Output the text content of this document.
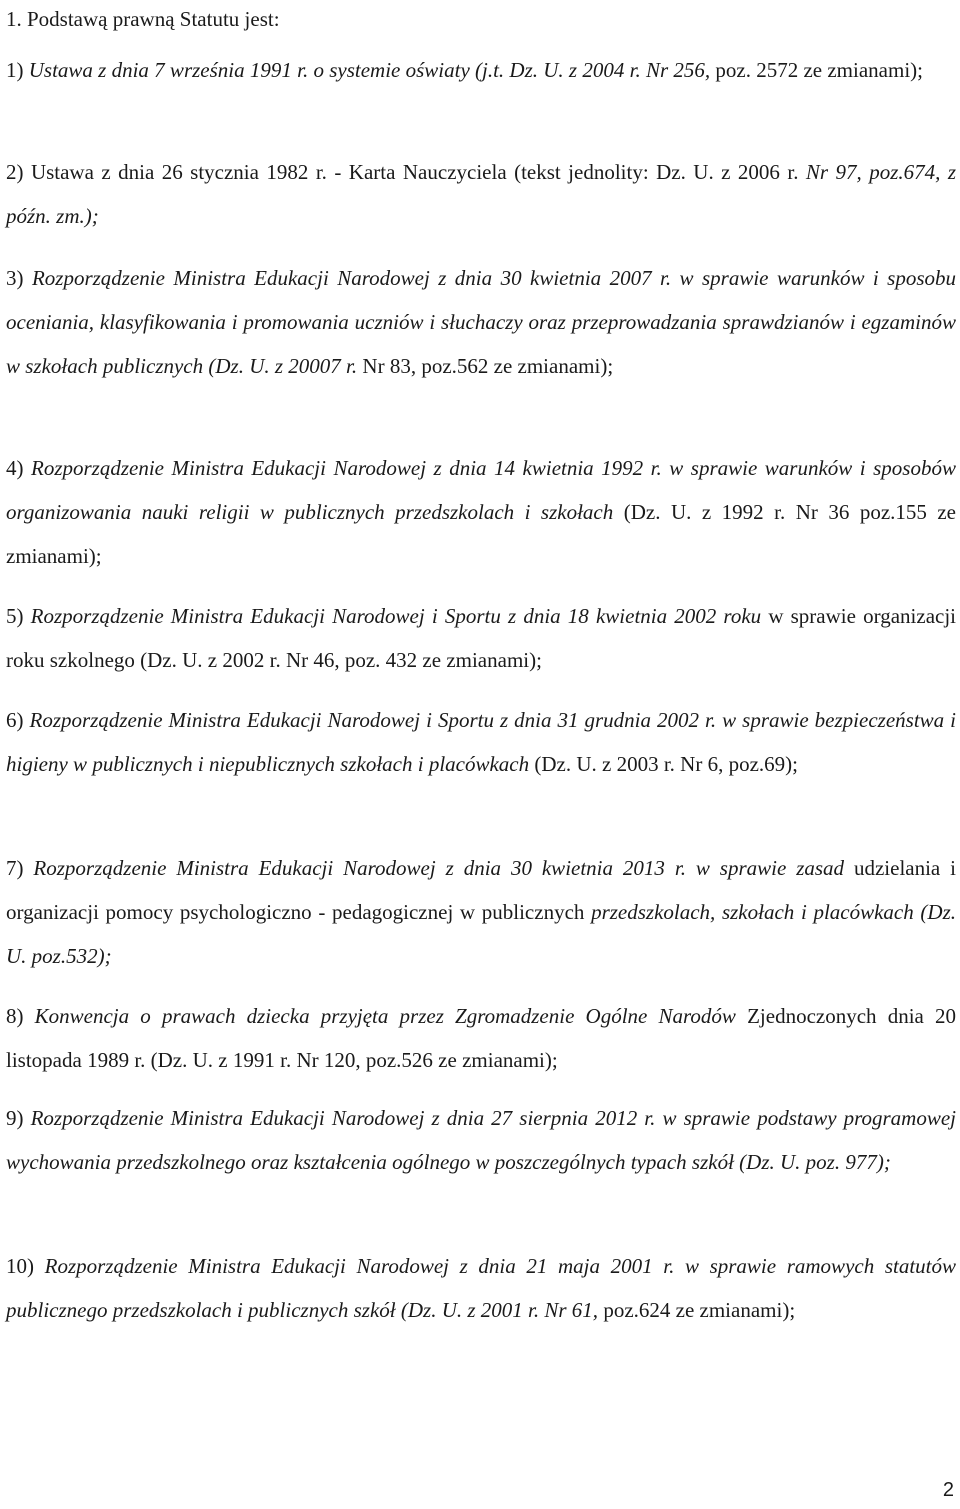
1. Podstawą prawną Statutu jest:

1) Ustawa z dnia 7 września 1991 r. o systemie oświaty (j.t. Dz. U. z 2004 r. Nr 256, poz. 2572 ze zmianami);

2) Ustawa z dnia 26 stycznia 1982 r. - Karta Nauczyciela (tekst jednolity: Dz. U. z 2006 r. Nr 97, poz.674, z późn. zm.);

3) Rozporządzenie Ministra Edukacji Narodowej z dnia 30 kwietnia 2007 r. w sprawie warunków i sposobu oceniania, klasyfikowania i promowania uczniów i słuchaczy oraz przeprowadzania sprawdzianów i egzaminów w szkołach publicznych (Dz. U. z 20007 r. Nr 83, poz.562 ze zmianami);

4) Rozporządzenie Ministra Edukacji Narodowej z dnia 14 kwietnia 1992 r. w sprawie warunków i sposobów organizowania nauki religii w publicznych przedszkolach i szkołach (Dz. U. z 1992 r. Nr 36 poz.155 ze zmianami);

5) Rozporządzenie Ministra Edukacji Narodowej i Sportu z dnia 18 kwietnia 2002 roku w sprawie organizacji roku szkolnego (Dz. U. z 2002 r. Nr 46, poz. 432 ze zmianami);

6) Rozporządzenie Ministra Edukacji Narodowej i Sportu z dnia 31 grudnia 2002 r. w sprawie bezpieczeństwa i higieny w publicznych i niepublicznych szkołach i placówkach (Dz. U. z 2003 r. Nr 6, poz.69);

7) Rozporządzenie Ministra Edukacji Narodowej z dnia 30 kwietnia 2013 r. w sprawie zasad udzielania i organizacji pomocy psychologiczno - pedagogicznej w publicznych przedszkolach, szkołach i placówkach (Dz. U. poz.532);

8) Konwencja o prawach dziecka przyjęta przez Zgromadzenie Ogólne Narodów Zjednoczonych dnia 20 listopada 1989 r. (Dz. U. z 1991 r. Nr 120, poz.526 ze zmianami);

9) Rozporządzenie Ministra Edukacji Narodowej z dnia 27 sierpnia 2012 r. w sprawie podstawy programowej wychowania przedszkolnego oraz kształcenia ogólnego w poszczególnych typach szkół (Dz. U. poz. 977);

10) Rozporządzenie Ministra Edukacji Narodowej z dnia 21 maja 2001 r. w sprawie ramowych statutów publicznego przedszkolach i publicznych szkół (Dz. U. z 2001 r. Nr 61, poz.624 ze zmianami);

2
